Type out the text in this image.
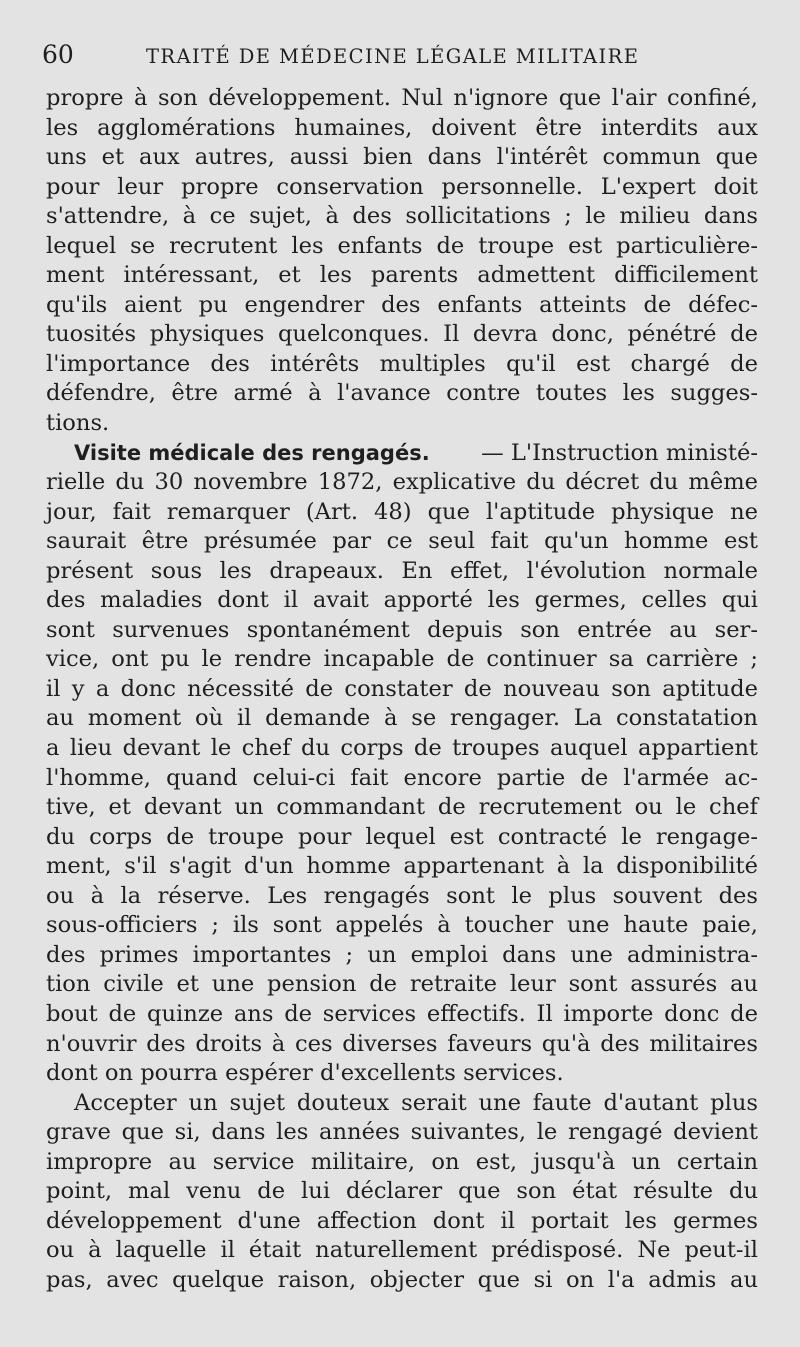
60	TRAITÉ DE MÉDECINE LÉGALE MILITAIRE
propre à son développement. Nul n'ignore que l'air confiné,
les agglomérations humaines, doivent être interdits aux
uns et aux autres, aussi bien dans l'intérêt commun que
pour leur propre conservation personnelle. L'expert doit
s'attendre, à ce sujet, à des sollicitations ; le milieu dans
lequel se recrutent les enfants de troupe est particulière-
ment intéressant, et les parents admettent difficilement
qu'ils aient pu engendrer des enfants atteints de défec-
tuosités physiques quelconques. Il devra donc, pénétré de
l'importance des intérêts multiples qu'il est chargé de
défendre, être armé à l'avance contre toutes les sugges-
tions.
Visite médicale des rengagés. — L'Instruction ministé-
rielle du 30 novembre 1872, explicative du décret du même
jour, fait remarquer (Art. 48) que l'aptitude physique ne
saurait être présumée par ce seul fait qu'un homme est
présent sous les drapeaux. En effet, l'évolution normale
des maladies dont il avait apporté les germes, celles qui
sont survenues spontanément depuis son entrée au ser-
vice, ont pu le rendre incapable de continuer sa carrière ;
il y a donc nécessité de constater de nouveau son aptitude
au moment où il demande à se rengager. La constatation
a lieu devant le chef du corps de troupes auquel appartient
l'homme, quand celui-ci fait encore partie de l'armée ac-
tive, et devant un commandant de recrutement ou le chef
du corps de troupe pour lequel est contracté le rengage-
ment, s'il s'agit d'un homme appartenant à la disponibilité
ou à la réserve. Les rengagés sont le plus souvent des
sous-officiers ; ils sont appelés à toucher une haute paie,
des primes importantes ; un emploi dans une administra-
tion civile et une pension de retraite leur sont assurés au
bout de quinze ans de services effectifs. Il importe donc de
n'ouvrir des droits à ces diverses faveurs qu'à des militaires
dont on pourra espérer d'excellents services.
Accepter un sujet douteux serait une faute d'autant plus
grave que si, dans les années suivantes, le rengagé devient
impropre au service militaire, on est, jusqu'à un certain
point, mal venu de lui déclarer que son état résulte du
développement d'une affection dont il portait les germes
ou à laquelle il était naturellement prédisposé. Ne peut-il
pas, avec quelque raison, objecter que si on l'a admis au
